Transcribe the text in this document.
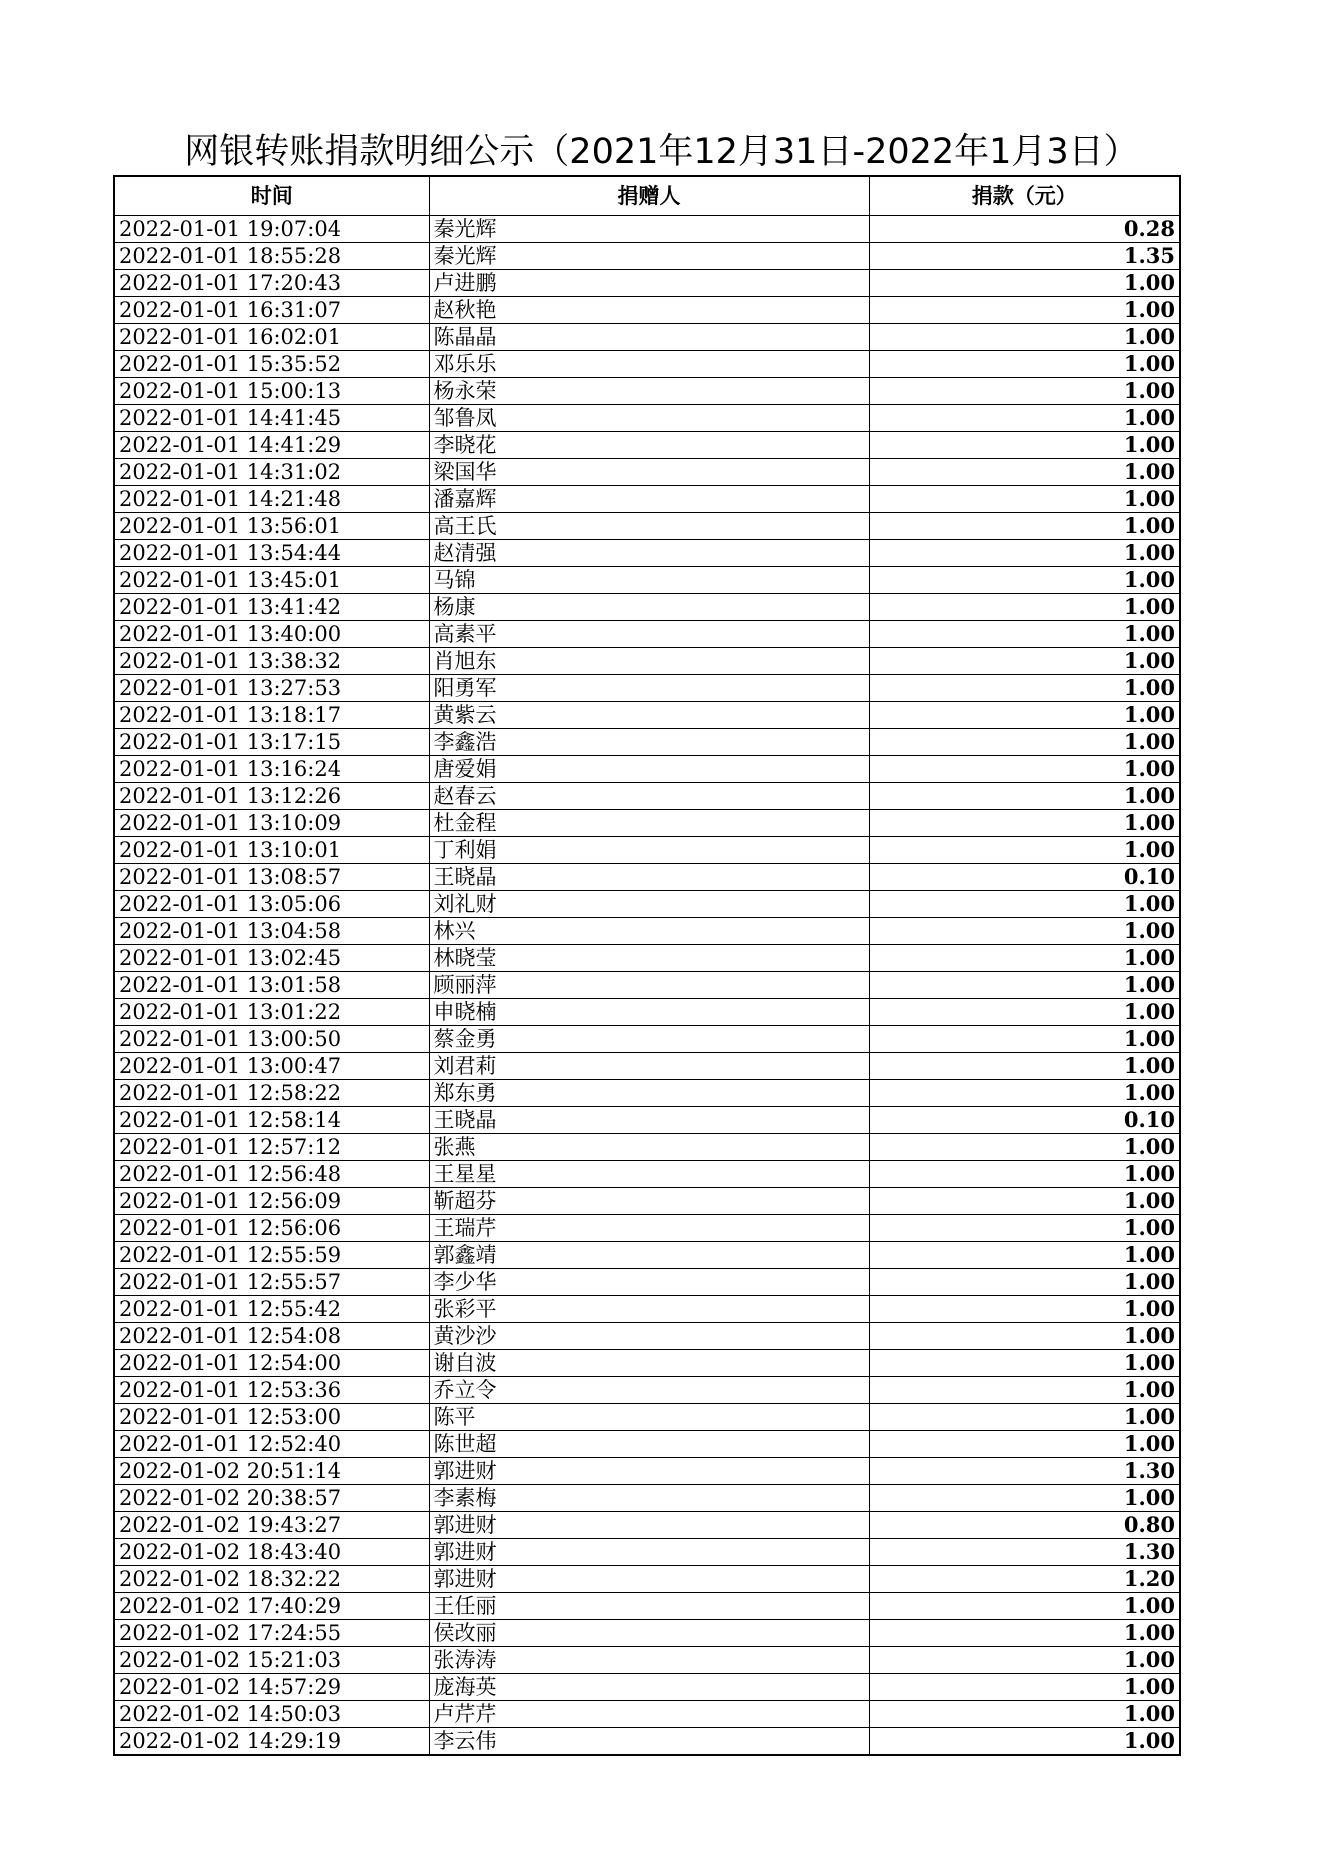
网银转账捐款明细公示（2021年12月31日-2022年1月3日）
时间	捐赠人	捐款（元）
2022-01-01 19:07:04	秦光辉	0.28
2022-01-01 18:55:28	秦光辉	1.35
2022-01-01 17:20:43	卢进鹏	1.00
2022-01-01 16:31:07	赵秋艳	1.00
2022-01-01 16:02:01	陈晶晶	1.00
2022-01-01 15:35:52	邓乐乐	1.00
2022-01-01 15:00:13	杨永荣	1.00
2022-01-01 14:41:45	邹鲁凤	1.00
2022-01-01 14:41:29	李晓花	1.00
2022-01-01 14:31:02	梁国华	1.00
2022-01-01 14:21:48	潘嘉辉	1.00
2022-01-01 13:56:01	高王氏	1.00
2022-01-01 13:54:44	赵清强	1.00
2022-01-01 13:45:01	马锦	1.00
2022-01-01 13:41:42	杨康	1.00
2022-01-01 13:40:00	高素平	1.00
2022-01-01 13:38:32	肖旭东	1.00
2022-01-01 13:27:53	阳勇军	1.00
2022-01-01 13:18:17	黄紫云	1.00
2022-01-01 13:17:15	李鑫浩	1.00
2022-01-01 13:16:24	唐爱娟	1.00
2022-01-01 13:12:26	赵春云	1.00
2022-01-01 13:10:09	杜金程	1.00
2022-01-01 13:10:01	丁利娟	1.00
2022-01-01 13:08:57	王晓晶	0.10
2022-01-01 13:05:06	刘礼财	1.00
2022-01-01 13:04:58	林兴	1.00
2022-01-01 13:02:45	林晓莹	1.00
2022-01-01 13:01:58	顾丽萍	1.00
2022-01-01 13:01:22	申晓楠	1.00
2022-01-01 13:00:50	蔡金勇	1.00
2022-01-01 13:00:47	刘君莉	1.00
2022-01-01 12:58:22	郑东勇	1.00
2022-01-01 12:58:14	王晓晶	0.10
2022-01-01 12:57:12	张燕	1.00
2022-01-01 12:56:48	王星星	1.00
2022-01-01 12:56:09	靳超芬	1.00
2022-01-01 12:56:06	王瑞芹	1.00
2022-01-01 12:55:59	郭鑫靖	1.00
2022-01-01 12:55:57	李少华	1.00
2022-01-01 12:55:42	张彩平	1.00
2022-01-01 12:54:08	黄沙沙	1.00
2022-01-01 12:54:00	谢自波	1.00
2022-01-01 12:53:36	乔立令	1.00
2022-01-01 12:53:00	陈平	1.00
2022-01-01 12:52:40	陈世超	1.00
2022-01-02 20:51:14	郭进财	1.30
2022-01-02 20:38:57	李素梅	1.00
2022-01-02 19:43:27	郭进财	0.80
2022-01-02 18:43:40	郭进财	1.30
2022-01-02 18:32:22	郭进财	1.20
2022-01-02 17:40:29	王任丽	1.00
2022-01-02 17:24:55	侯改丽	1.00
2022-01-02 15:21:03	张涛涛	1.00
2022-01-02 14:57:29	庞海英	1.00
2022-01-02 14:50:03	卢芹芹	1.00
2022-01-02 14:29:19	李云伟	1.00
